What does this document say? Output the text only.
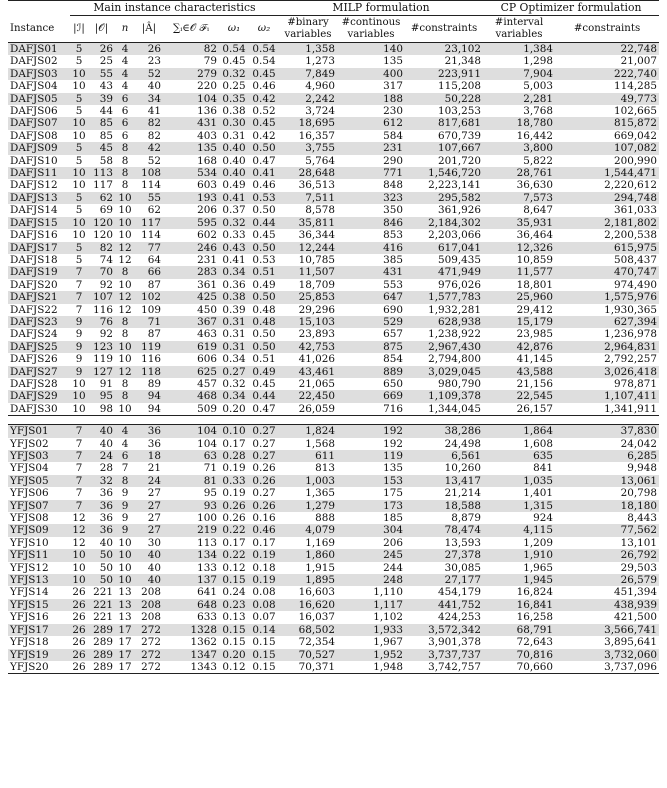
	Main instance characteristics							MILP formulation			CP Optimizer formulation	
Instance	|ℐ|	|𝒪|	n	|Â|	∑ᵢ∈𝒪 ℱᵢ	ω₁	ω₂	#binary variables	#continous variables	#constraints	#interval variables	#constraints

DAFJS01	5	26	4	26	82	0.54	0.54	1,358	140	23,102	1,384	22,748
DAFJS02	5	25	4	23	79	0.45	0.54	1,273	135	21,348	1,298	21,007
DAFJS03	10	55	4	52	279	0.32	0.45	7,849	400	223,911	7,904	222,740
DAFJS04	10	43	4	40	220	0.25	0.46	4,960	317	115,208	5,003	114,285
DAFJS05	5	39	6	34	104	0.35	0.42	2,242	188	50,228	2,281	49,773
DAFJS06	5	44	6	41	136	0.38	0.52	3,724	230	103,253	3,768	102,665
DAFJS07	10	85	6	82	431	0.30	0.45	18,695	612	817,681	18,780	815,872
DAFJS08	10	85	6	82	403	0.31	0.42	16,357	584	670,739	16,442	669,042
DAFJS09	5	45	8	42	135	0.40	0.50	3,755	231	107,667	3,800	107,082
DAFJS10	5	58	8	52	168	0.40	0.47	5,764	290	201,720	5,822	200,990
DAFJS11	10	113	8	108	534	0.40	0.41	28,648	771	1,546,720	28,761	1,544,471
DAFJS12	10	117	8	114	603	0.49	0.46	36,513	848	2,223,141	36,630	2,220,612
DAFJS13	5	62	10	55	193	0.41	0.53	7,511	323	295,582	7,573	294,748
DAFJS14	5	69	10	62	206	0.37	0.50	8,578	350	361,926	8,647	361,033
DAFJS15	10	120	10	117	595	0.32	0.44	35,811	846	2,184,302	35,931	2,181,802
DAFJS16	10	120	10	114	602	0.33	0.45	36,344	853	2,203,066	36,464	2,200,538
DAFJS17	5	82	12	77	246	0.43	0.50	12,244	416	617,041	12,326	615,975
DAFJS18	5	74	12	64	231	0.41	0.53	10,785	385	509,435	10,859	508,437
DAFJS19	7	70	8	66	283	0.34	0.51	11,507	431	471,949	11,577	470,747
DAFJS20	7	92	10	87	361	0.36	0.49	18,709	553	976,026	18,801	974,490
DAFJS21	7	107	12	102	425	0.38	0.50	25,853	647	1,577,783	25,960	1,575,976
DAFJS22	7	116	12	109	450	0.39	0.48	29,296	690	1,932,281	29,412	1,930,365
DAFJS23	9	76	8	71	367	0.31	0.48	15,103	529	628,938	15,179	627,394
DAFJS24	9	92	8	87	463	0.31	0.50	23,893	657	1,238,922	23,985	1,236,978
DAFJS25	9	123	10	119	619	0.31	0.50	42,753	875	2,967,430	42,876	2,964,831
DAFJS26	9	119	10	116	606	0.34	0.51	41,026	854	2,794,800	41,145	2,792,257
DAFJS27	9	127	12	118	625	0.27	0.49	43,461	889	3,029,045	43,588	3,026,418
DAFJS28	10	91	8	89	457	0.32	0.45	21,065	650	980,790	21,156	978,871
DAFJS29	10	95	8	94	468	0.34	0.44	22,450	669	1,109,378	22,545	1,107,411
DAFJS30	10	98	10	94	509	0.20	0.47	26,059	716	1,344,045	26,157	1,341,911

YFJS01	7	40	4	36	104	0.10	0.27	1,824	192	38,286	1,864	37,830
YFJS02	7	40	4	36	104	0.17	0.27	1,568	192	24,498	1,608	24,042
YFJS03	7	24	6	18	63	0.28	0.27	611	119	6,561	635	6,285
YFJS04	7	28	7	21	71	0.19	0.26	813	135	10,260	841	9,948
YFJS05	7	32	8	24	81	0.33	0.26	1,003	153	13,417	1,035	13,061
YFJS06	7	36	9	27	95	0.19	0.27	1,365	175	21,214	1,401	20,798
YFJS07	7	36	9	27	93	0.26	0.26	1,279	173	18,588	1,315	18,180
YFJS08	12	36	9	27	100	0.26	0.16	888	185	8,879	924	8,443
YFJS09	12	36	9	27	219	0.22	0.46	4,079	304	78,474	4,115	77,562
YFJS10	12	40	10	30	113	0.17	0.17	1,169	206	13,593	1,209	13,101
YFJS11	10	50	10	40	134	0.22	0.19	1,860	245	27,378	1,910	26,792
YFJS12	10	50	10	40	133	0.12	0.18	1,915	244	30,085	1,965	29,503
YFJS13	10	50	10	40	137	0.15	0.19	1,895	248	27,177	1,945	26,579
YFJS14	26	221	13	208	641	0.24	0.08	16,603	1,110	454,179	16,824	451,394
YFJS15	26	221	13	208	648	0.23	0.08	16,620	1,117	441,752	16,841	438,939
YFJS16	26	221	13	208	633	0.13	0.07	16,037	1,102	424,253	16,258	421,500
YFJS17	26	289	17	272	1328	0.15	0.14	68,502	1,933	3,572,342	68,791	3,566,741
YFJS18	26	289	17	272	1362	0.15	0.15	72,354	1,967	3,901,378	72,643	3,895,641
YFJS19	26	289	17	272	1347	0.20	0.15	70,527	1,952	3,737,737	70,816	3,732,060
YFJS20	26	289	17	272	1343	0.12	0.15	70,371	1,948	3,742,757	70,660	3,737,096
